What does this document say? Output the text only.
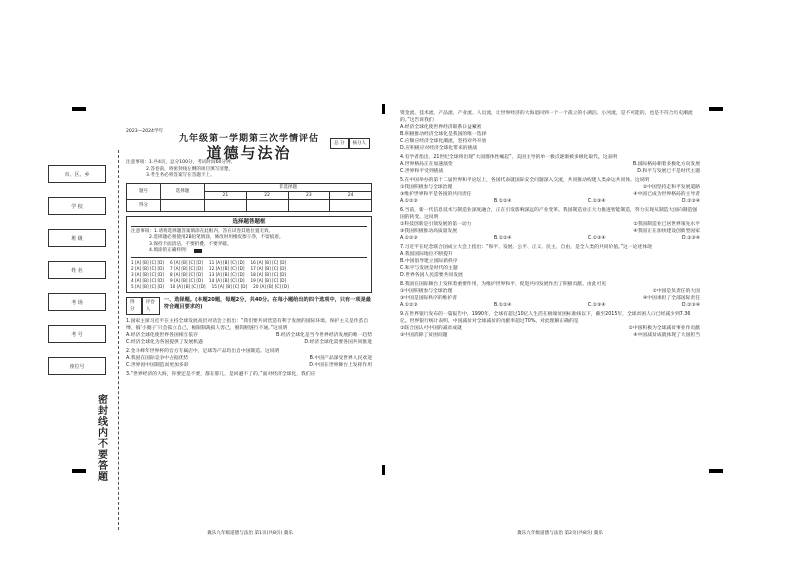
市、区、乡
学 校
班 级
姓 名
考 场
考 号
座位号
密封线内不要答题
2023—2024学年
九年级第一学期第三次学情评估	总 分	核分人
道德与法治
注意事项：1.共4页，总分100分，考试时间60分钟。
2.答卷前，将密封线左侧的项目填写清楚。
3.考生务必将答案写在答题卡上。
题号	选择题	非选择题			
		21	22	23	24
得分					
选择题答题框
注意事项：1.请将选择题答案填涂在此框内，答在试卷其他位置无效。
2.选择题必须使用2B铅笔填涂，修改时用橡皮擦干净，不留痕迹。
3.保持卡面清洁，不要折叠、不要弄破。
4.填涂的正确样例：
1 [A] [B] [C] [D] 6 [A] [B] [C] [D] 11 [A] [B] [C] [D] 16 [A] [B] [C] [D]
2 [A] [B] [C] [D] 7 [A] [B] [C] [D] 12 [A] [B] [C] [D] 17 [A] [B] [C] [D]
3 [A] [B] [C] [D] 8 [A] [B] [C] [D] 13 [A] [B] [C] [D] 18 [A] [B] [C] [D]
4 [A] [B] [C] [D] 9 [A] [B] [C] [D] 14 [A] [B] [C] [D] 19 [A] [B] [C] [D]
5 [A] [B] [C] [D] 10 [A] [B] [C] [D] 15 [A] [B] [C] [D] 20 [A] [B] [C] [D]
得 分
评卷人
一、选择题。(本题20题，每题2分，共40分。在每小题给出的四个选项中，只有一项是最符合题目要求的)
1.国家主席习近平在主持全球发展高层对话会上指出：“我们要共同营造有利于发展的国际环境。保护主义是作茧自缚，搞‘小圈子’只会孤立自己，极限制裁损人害己，脱钩断链行不通。”这说明
A.经济全球化使世界各国相互依存	B.经济全球化是当今世界经济发展的唯一趋势
C.经济全球化为各国提供了发展机遇	D.经济全球化需要各国共同推进
2.金斗峰年世界杯的官方专属店中，足球等产品均出自中国制造。这说明
A.我国在国际竞争中占据优势	B.中国产品深受世界人民欢迎
C.世界因中国制造而更加多彩	D.中国在世界舞台上发挥作用
3.“世界经济的大海，你要还是不要，都在那儿，是回避不了的。”面对经济全球化，我们应
冀乐九年级道德与法治 第1页(共8页) 冀乐
资金流、技术流、产品流、产业流、人员流，让世界经济的大海退回到一个一个孤立的小湖泊、小河流，是不可能的，也是不符合历史潮流的。”这告诉我们
A.经济全球化使世界经济联系日益紧密
B.积极推动经济全球化是我国的唯一选择
C.应顺应经济全球化潮流，坚持对外开放
D.应积极应对经济全球化带来的挑战
4.有学者指出，21世纪全球将出现“大国群体性崛起”，美国主导的单一极点逐渐被多极化取代。这表明
A.世界格局正在加速演变	B.国际格局朝着多极化方向发展
C.世界和平受到挑战	D.和平与发展已不是时代主题
5.在中国举办的第十二届世界和平论坛上，各国代表就国际安全问题深入交流，共同推动构建人类命运共同体。这说明
①我国积极参与全球治理	②中国坚持走和平发展道路
③维护世界和平是各国的共同责任	④中国已成为世界格局的主导者
A.①②③	B.①②④	C.①③④	D.②③④
6.当前，新一代信息技术与制造业深度融合，正在引发影响深远的产业变革。我国制造业正大力推进智能制造，努力实现从制造大国向制造强国的转变。这说明
①科技创新是引领发展的第一动力	②我国制造业已居世界领先水平
③我国积极推动高质量发展	④我国正在加快建设创新型国家
A.①②③	B.①②④	C.①③④	D.②③④
7.习近平在纪念联合国成立大会上指出：“和平、发展、公平、正义、民主、自由，是全人类的共同价值。”这一论述体现
A.我国国际地位不断提升
B.中国倡导建立国际新秩序
C.和平与发展是时代的主题
D.世界各国人民需要共同发展
8.我国在国际舞台上发挥着重要作用，为维护世界和平、促进共同发展作出了积极贡献。由此可见
①中国积极参与全球治理	②中国是负责任的大国
③中国是国际秩序的维护者	④中国承担了全部国际责任
A.①②③	B.①②④	C.①③④	D.②③④
9.在世界银行发布的一篇报告中，1990年，全球有超过10亿人生活在极端贫困标准线以下，截至2015年，全球贫困人口已经减少到7.36亿。世界银行统计表明，中国减贫对全球减贫的贡献率超过70%。对此理解正确的是
①联合国认可中国的减贫成就	②中国积极为全球减贫事业作贡献
③中国消除了贫困问题	④中国减贫成就体现了大国担当
冀乐九年级道德与法治 第2页(共8页) 冀乐
